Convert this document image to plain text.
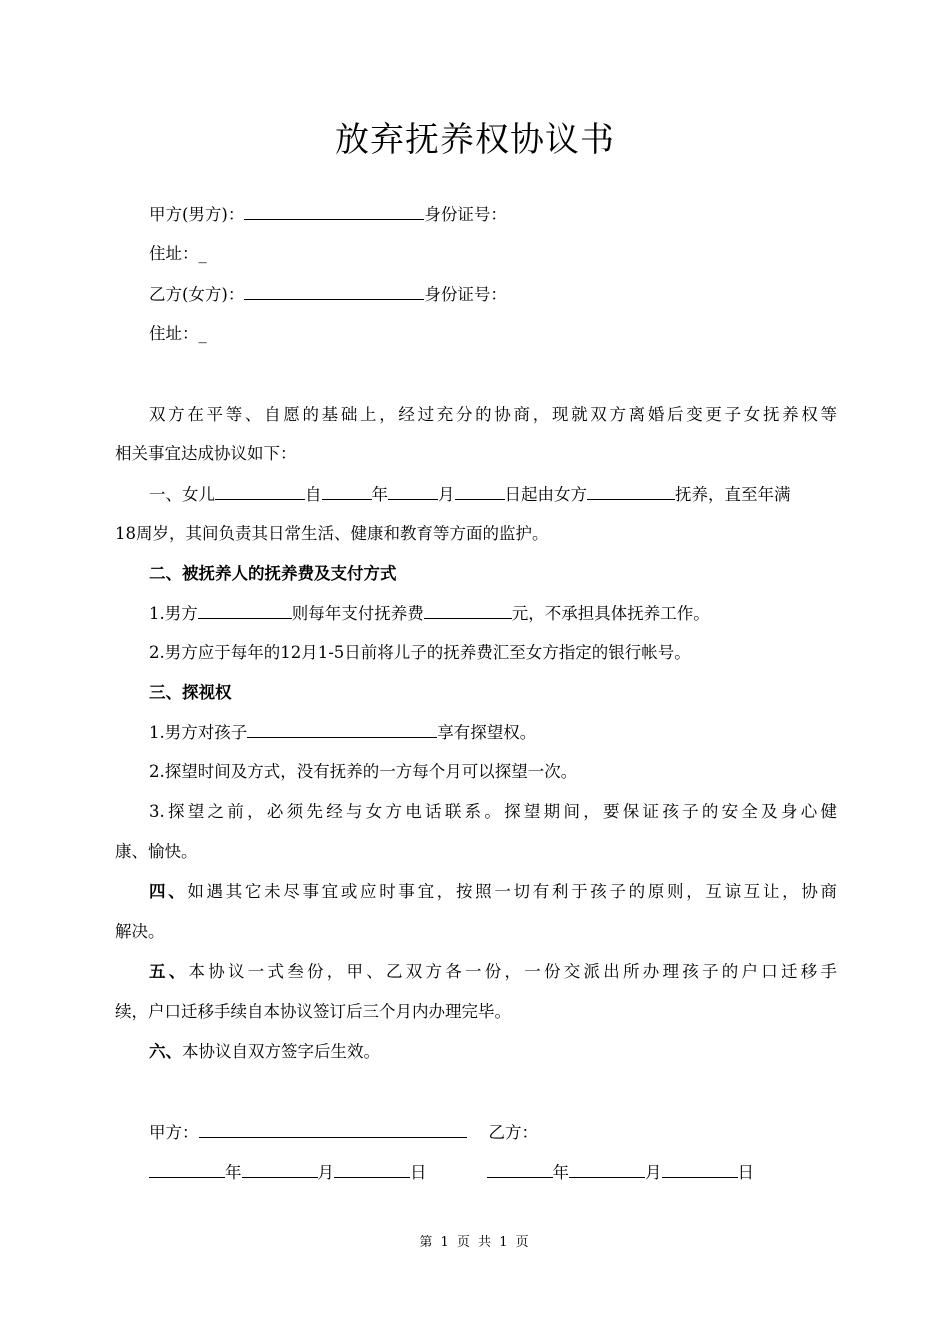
放弃抚养权协议书
甲方(男方)：	身份证号：
住址：_
乙方(女方)：	身份证号：
住址：_
双方在平等、自愿的基础上，经过充分的协商，现就双方离婚后变更子女抚养权等
相关事宜达成协议如下：
一、女儿	自	年	月	日起由女方	抚养，直至年满
18周岁，其间负责其日常生活、健康和教育等方面的监护。
二、被抚养人的抚养费及支付方式
1.男方	则每年支付抚养费	元，不承担具体抚养工作。
2.男方应于每年的12月1-5日前将儿子的抚养费汇至女方指定的银行帐号。
三、探视权
1.男方对孩子	享有探望权。
2.探望时间及方式，没有抚养的一方每个月可以探望一次。
3.探望之前，必须先经与女方电话联系。探望期间，要保证孩子的安全及身心健
康、愉快。
四、如遇其它未尽事宜或应时事宜，按照一切有利于孩子的原则，互谅互让，协商
解决。
五、本协议一式叁份，甲、乙双方各一份，一份交派出所办理孩子的户口迁移手
续，户口迁移手续自本协议签订后三个月内办理完毕。
六、本协议自双方签字后生效。
甲方：	乙方：
年	月	日	年	月	日
第 1 页 共 1 页
